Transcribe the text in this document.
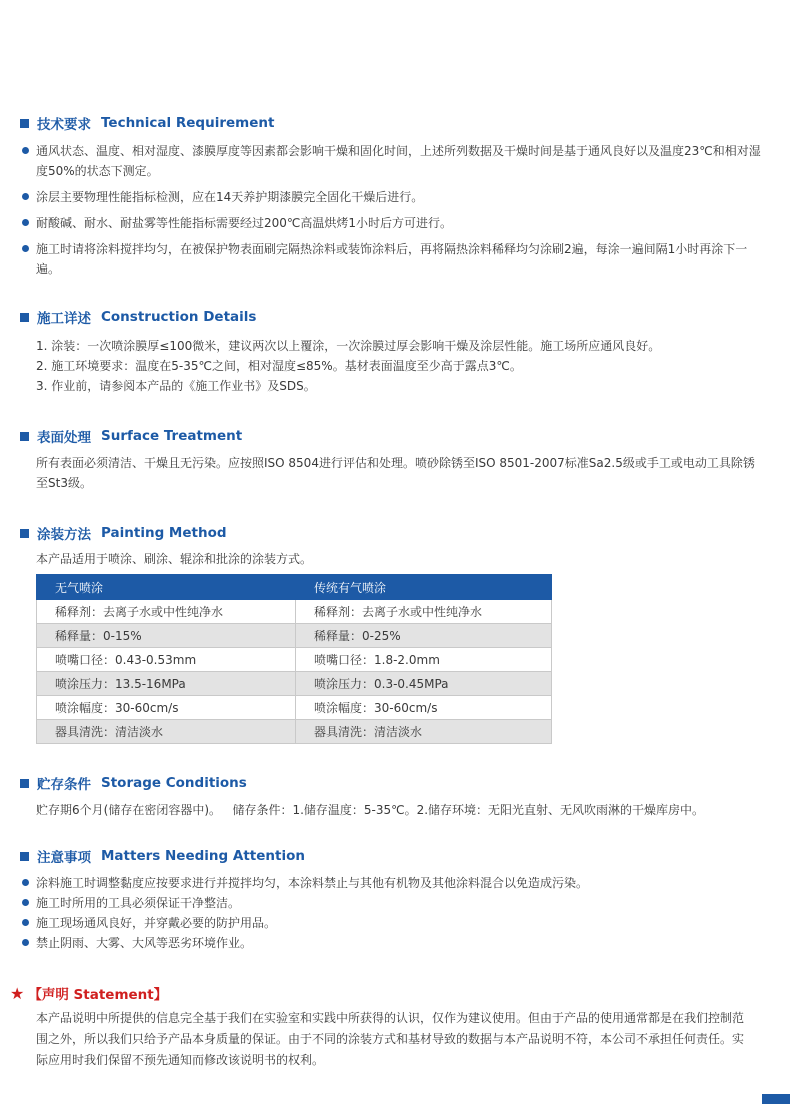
技术要求 Technical Requirement
通风状态、温度、相对湿度、漆膜厚度等因素都会影响干燥和固化时间，上述所列数据及干燥时间是基于通风良好以及温度23℃和相对湿度50%的状态下测定。
涂层主要物理性能指标检测，应在14天养护期漆膜完全固化干燥后进行。
耐酸碱、耐水、耐盐雾等性能指标需要经过200℃高温烘烤1小时后方可进行。
施工时请将涂料搅拌均匀，在被保护物表面刷完隔热涂料或装饰涂料后，再将隔热涂料稀释均匀涂刷2遍，每涂一遍间隔1小时再涂下一遍。
施工详述 Construction Details
1. 涂装：一次喷涂膜厚≤100微米，建议两次以上覆涂，一次涂膜过厚会影响干燥及涂层性能。施工场所应通风良好。
2. 施工环境要求：温度在5-35℃之间，相对湿度≤85%。基材表面温度至少高于露点3℃。
3. 作业前，请参阅本产品的《施工作业书》及SDS。
表面处理 Surface Treatment
所有表面必须清洁、干燥且无污染。应按照ISO 8504进行评估和处理。喷砂除锈至ISO 8501-2007标准Sa2.5级或手工或电动工具除锈至St3级。
涂装方法 Painting Method
本产品适用于喷涂、刷涂、辊涂和批涂的涂装方式。
无气喷涂	传统有气喷涂
稀释剂：去离子水或中性纯净水	稀释剂：去离子水或中性纯净水
稀释量：0-15%	稀释量：0-25%
喷嘴口径：0.43-0.53mm	喷嘴口径：1.8-2.0mm
喷涂压力：13.5-16MPa	喷涂压力：0.3-0.45MPa
喷涂幅度：30-60cm/s	喷涂幅度：30-60cm/s
器具清洗：清洁淡水	器具清洗：清洁淡水
贮存条件 Storage Conditions
贮存期6个月(储存在密闭容器中)。   储存条件：1.储存温度：5-35℃。2.储存环境：无阳光直射、无风吹雨淋的干燥库房中。
注意事项 Matters Needing Attention
涂料施工时调整黏度应按要求进行并搅拌均匀，本涂料禁止与其他有机物及其他涂料混合以免造成污染。
施工时所用的工具必须保证干净整洁。
施工现场通风良好，并穿戴必要的防护用品。
禁止阴雨、大雾、大风等恶劣环境作业。
★ 【声明 Statement】
本产品说明中所提供的信息完全基于我们在实验室和实践中所获得的认识，仅作为建议使用。但由于产品的使用通常都是在我们控制范围之外，所以我们只给予产品本身质量的保证。由于不同的涂装方式和基材导致的数据与本产品说明不符，本公司不承担任何责任。实际应用时我们保留不预先通知而修改该说明书的权利。
